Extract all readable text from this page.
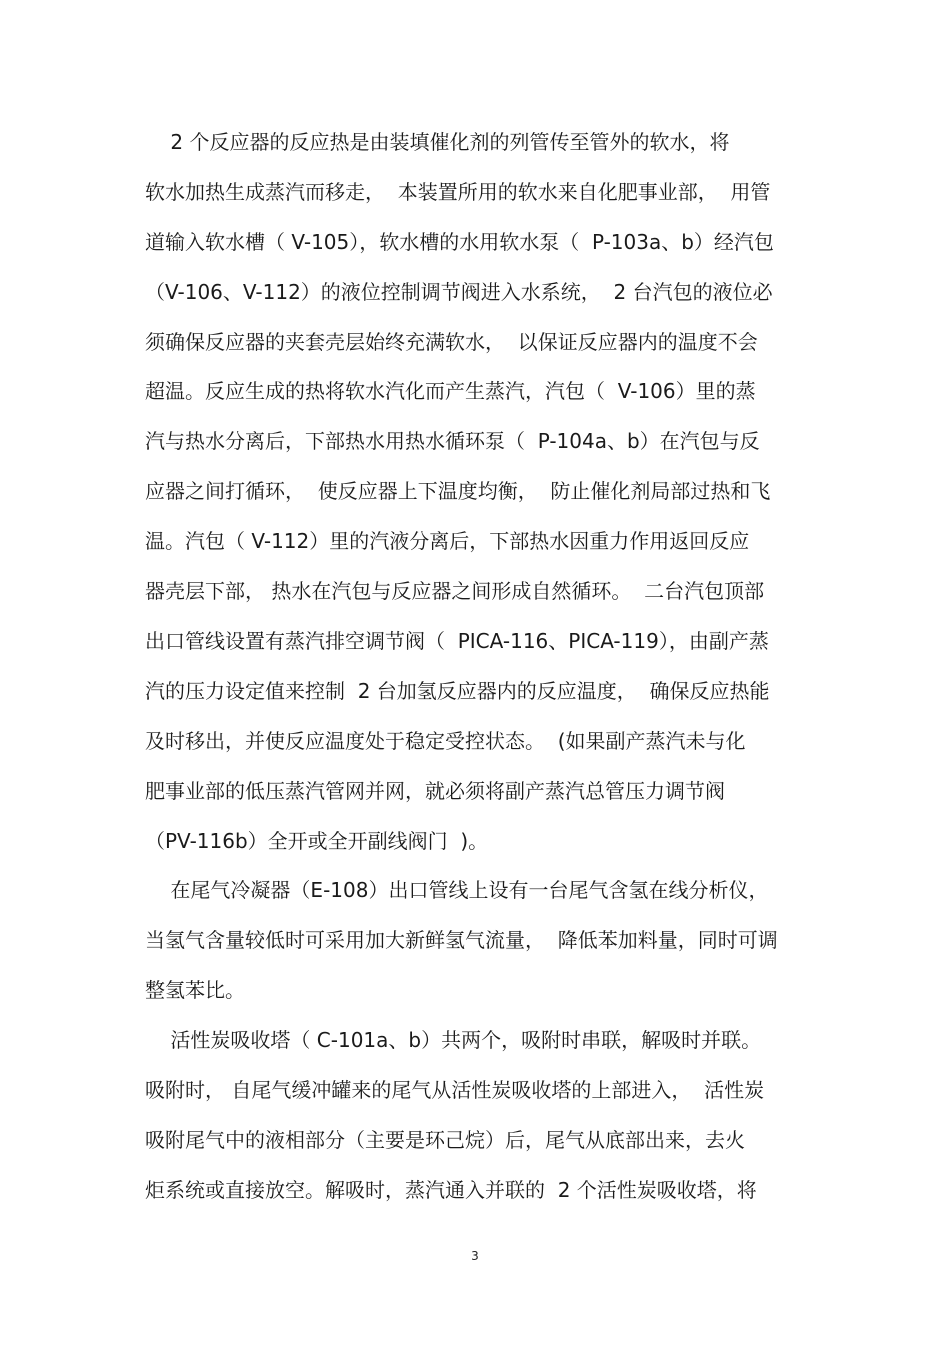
2 个反应器的反应热是由装填催化剂的列管传至管外的软水，将
软水加热生成蒸汽而移走，  本装置所用的软水来自化肥事业部，  用管
道输入软水槽（ V-105），软水槽的水用软水泵（  P-103a、b）经汽包
（V-106、V-112）的液位控制调节阀进入水系统，  2 台汽包的液位必
须确保反应器的夹套壳层始终充满软水，  以保证反应器内的温度不会
超温。反应生成的热将软水汽化而产生蒸汽，汽包（  V-106）里的蒸
汽与热水分离后，下部热水用热水循环泵（  P-104a、b）在汽包与反
应器之间打循环，  使反应器上下温度均衡，  防止催化剂局部过热和飞
温。汽包（ V-112）里的汽液分离后，下部热水因重力作用返回反应
器壳层下部， 热水在汽包与反应器之间形成自然循环。  二台汽包顶部
出口管线设置有蒸汽排空调节阀（  PICA-116、PICA-119），由副产蒸
汽的压力设定值来控制  2 台加氢反应器内的反应温度，  确保反应热能
及时移出，并使反应温度处于稳定受控状态。  (如果副产蒸汽未与化
肥事业部的低压蒸汽管网并网，就必须将副产蒸汽总管压力调节阀
（PV-116b）全开或全开副线阀门  )。
在尾气冷凝器（E-108）出口管线上设有一台尾气含氢在线分析仪，
当氢气含量较低时可采用加大新鲜氢气流量，  降低苯加料量，同时可调
整氢苯比。
活性炭吸收塔（ C-101a、b）共两个，吸附时串联，解吸时并联。
吸附时， 自尾气缓冲罐来的尾气从活性炭吸收塔的上部进入，  活性炭
吸附尾气中的液相部分（主要是环己烷）后，尾气从底部出来，去火
炬系统或直接放空。解吸时，蒸汽通入并联的  2 个活性炭吸收塔，将
3
